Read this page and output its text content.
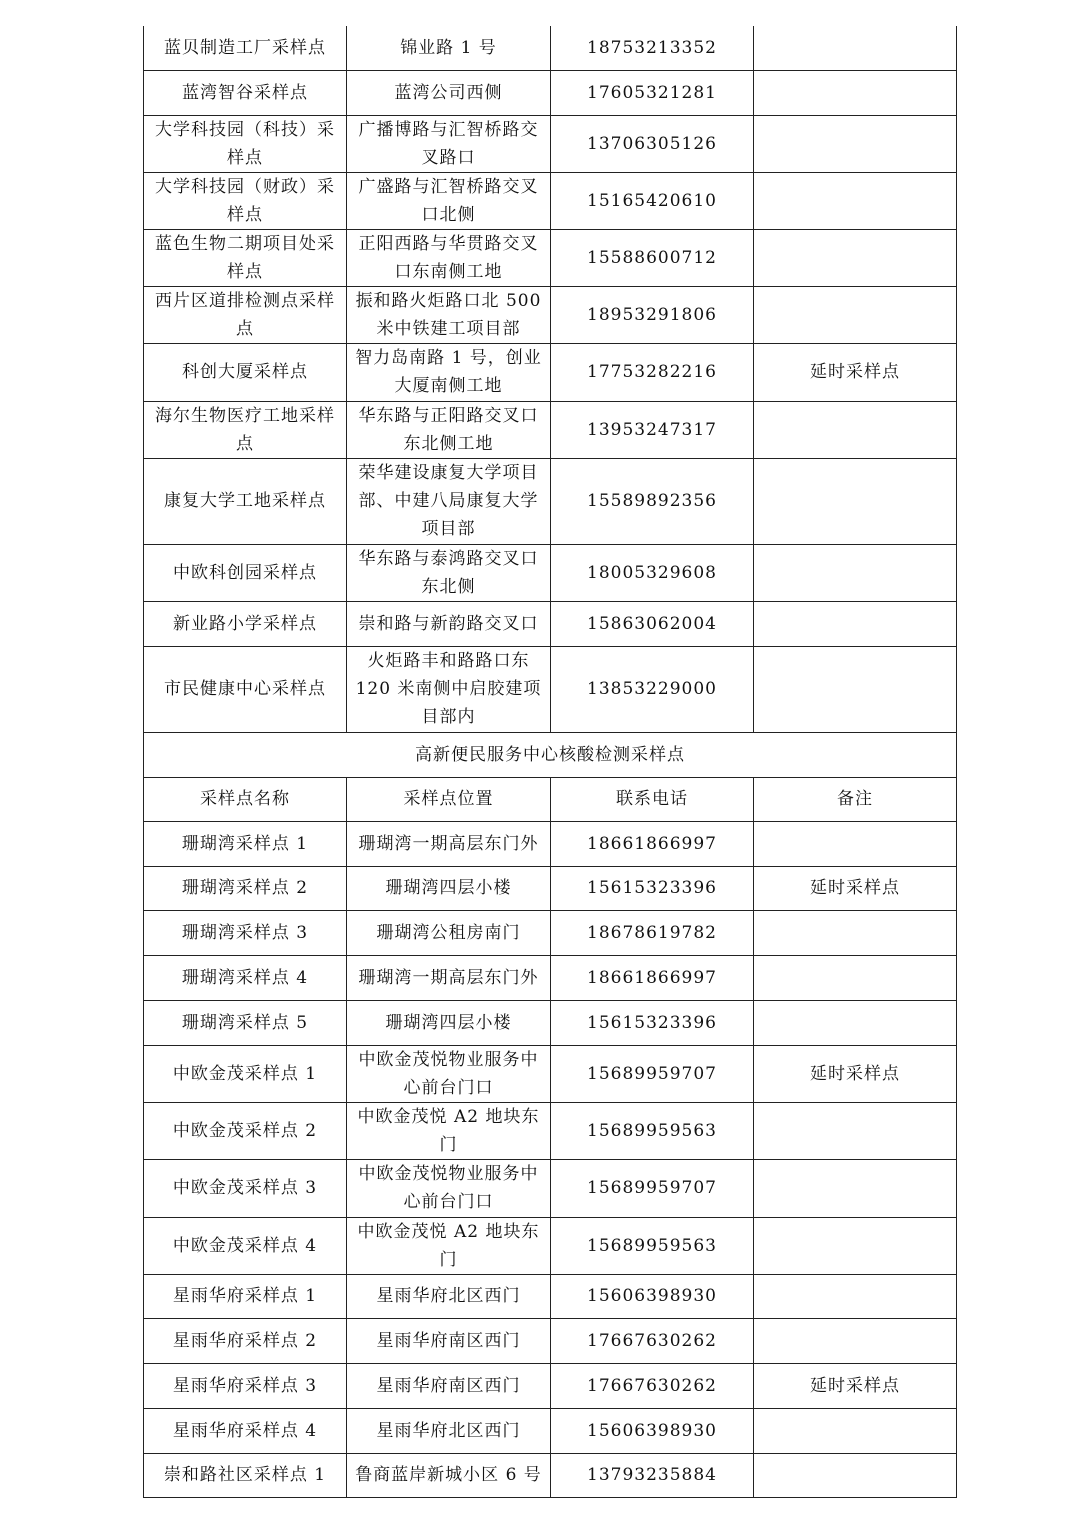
蓝贝制造工厂采样点	锦业路 1 号	18753213352	
蓝湾智谷采样点	蓝湾公司西侧	17605321281	
大学科技园（科技）采样点	广播博路与汇智桥路交叉路口	13706305126	
大学科技园（财政）采样点	广盛路与汇智桥路交叉口北侧	15165420610	
蓝色生物二期项目处采样点	正阳西路与华贯路交叉口东南侧工地	15588600712	
西片区道排检测点采样点	振和路火炬路口北 500 米中铁建工项目部	18953291806	
科创大厦采样点	智力岛南路 1 号，创业大厦南侧工地	17753282216	延时采样点
海尔生物医疗工地采样点	华东路与正阳路交叉口东北侧工地	13953247317	
康复大学工地采样点	荣华建设康复大学项目部、中建八局康复大学项目部	15589892356	
中欧科创园采样点	华东路与泰鸿路交叉口东北侧	18005329608	
新业路小学采样点	崇和路与新韵路交叉口	15863062004	
市民健康中心采样点	火炬路丰和路路口东 120 米南侧中启胶建项目部内	13853229000	
高新便民服务中心核酸检测采样点			
采样点名称	采样点位置	联系电话	备注
珊瑚湾采样点 1	珊瑚湾一期高层东门外	18661866997	
珊瑚湾采样点 2	珊瑚湾四层小楼	15615323396	延时采样点
珊瑚湾采样点 3	珊瑚湾公租房南门	18678619782	
珊瑚湾采样点 4	珊瑚湾一期高层东门外	18661866997	
珊瑚湾采样点 5	珊瑚湾四层小楼	15615323396	
中欧金茂采样点 1	中欧金茂悦物业服务中心前台门口	15689959707	延时采样点
中欧金茂采样点 2	中欧金茂悦 A2 地块东门	15689959563	
中欧金茂采样点 3	中欧金茂悦物业服务中心前台门口	15689959707	
中欧金茂采样点 4	中欧金茂悦 A2 地块东门	15689959563	
星雨华府采样点 1	星雨华府北区西门	15606398930	
星雨华府采样点 2	星雨华府南区西门	17667630262	
星雨华府采样点 3	星雨华府南区西门	17667630262	延时采样点
星雨华府采样点 4	星雨华府北区西门	15606398930	
崇和路社区采样点 1	鲁商蓝岸新城小区 6 号	13793235884	
